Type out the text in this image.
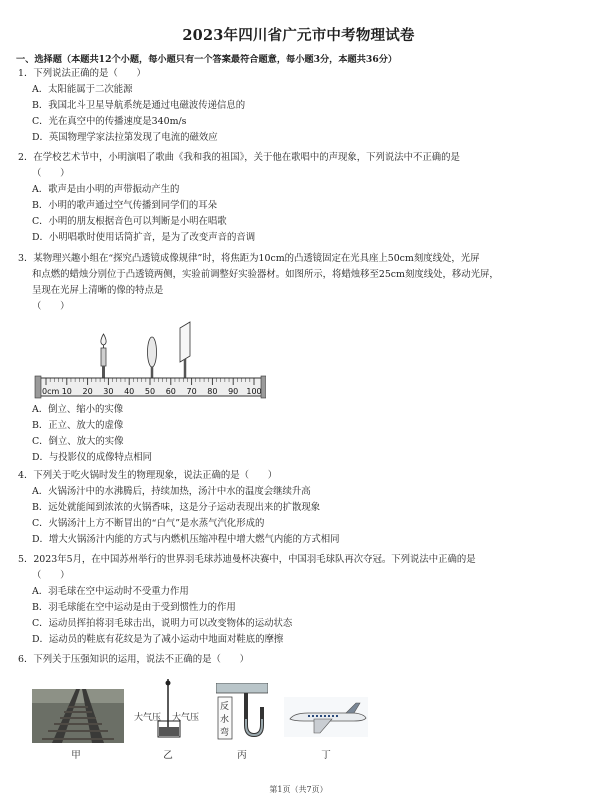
2023年四川省广元市中考物理试卷
一、选择题（本题共12个小题，每小题只有一个答案最符合题意，每小题3分，本题共36分）
1．下列说法正确的是（　　）
A．太阳能属于二次能源
B．我国北斗卫星导航系统是通过电磁波传递信息的
C．光在真空中的传播速度是340m/s
D．英国物理学家法拉第发现了电流的磁效应
2．在学校艺术节中，小明演唱了歌曲《我和我的祖国》，关于他在歌唱中的声现象，下列说法中不正确的是
（　　）
A．歌声是由小明的声带振动产生的
B．小明的歌声通过空气传播到同学们的耳朵
C．小明的朋友根据音色可以判断是小明在唱歌
D．小明唱歌时使用话筒扩音，是为了改变声音的音调
3．某物理兴趣小组在“探究凸透镜成像规律”时，将焦距为10cm的凸透镜固定在光具座上50cm刻度线处，光屏
和点燃的蜡烛分别位于凸透镜两侧，实验前调整好实验器材。如图所示，将蜡烛移至25cm刻度线处，移动光屏，
呈现在光屏上清晰的像的特点是
（　　）
0cm 10 20 30 40 50 60 70 80 90 100
A．倒立、缩小的实像
B．正立、放大的虚像
C．倒立、放大的实像
D．与投影仪的成像特点相同
4．下列关于吃火锅时发生的物理现象，说法正确的是（　　）
A．火锅汤汁中的水沸腾后，持续加热，汤汁中水的温度会继续升高
B．远处就能闻到浓浓的火锅香味，这是分子运动表现出来的扩散现象
C．火锅汤汁上方不断冒出的“白气”是水蒸气汽化形成的
D．增大火锅汤汁内能的方式与内燃机压缩冲程中增大燃气内能的方式相同
5．2023年5月，在中国苏州举行的世界羽毛球苏迪曼杯决赛中，中国羽毛球队再次夺冠。下列说法中正确的是
（　　）
A．羽毛球在空中运动时不受重力作用
B．羽毛球能在空中运动是由于受到惯性力的作用
C．运动员挥拍将羽毛球击出，说明力可以改变物体的运动状态
D．运动员的鞋底有花纹是为了减小运动中地面对鞋底的摩擦
6．下列关于压强知识的运用，说法不正确的是（　　）
甲
大气压 大气压
乙
反
水
弯
丙	丁
第1页（共7页）
